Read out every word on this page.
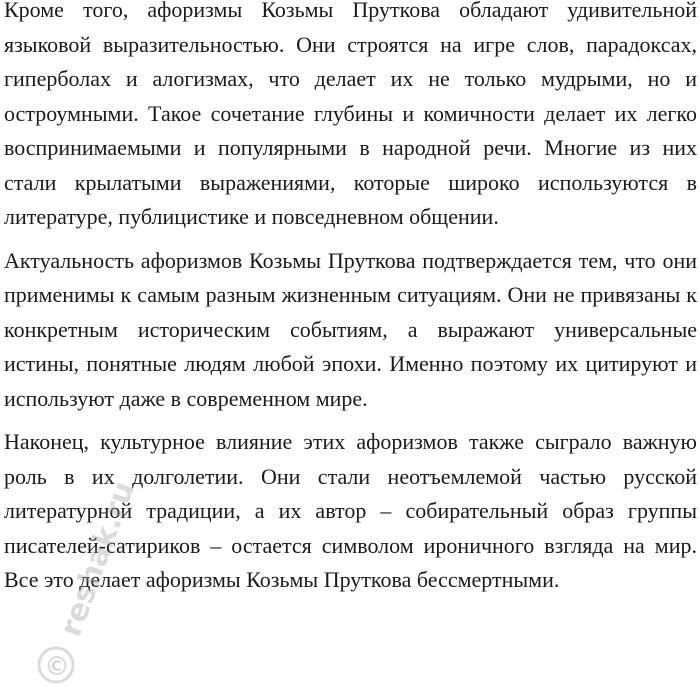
Кроме того, афоризмы Козьмы Пруткова обладают удивительной языковой выразительностью. Они строятся на игре слов, парадоксах, гиперболах и алогизмах, что делает их не только мудрыми, но и остроумными. Такое сочетание глубины и комичности делает их легко воспринимаемыми и популярными в народной речи. Многие из них стали крылатыми выражениями, которые широко используются в литературе, публицистике и повседневном общении.

Актуальность афоризмов Козьмы Пруткова подтверждается тем, что они применимы к самым разным жизненным ситуациям. Они не привязаны к конкретным историческим событиям, а выражают универсальные истины, понятные людям любой эпохи. Именно поэтому их цитируют и используют даже в современном мире.

Наконец, культурное влияние этих афоризмов также сыграло важную роль в их долголетии. Они стали неотъемлемой частью русской литературной традиции, а их автор – собирательный образ группы писателей-сатириков – остается символом ироничного взгляда на мир. Все это делает афоризмы Козьмы Пруткова бессмертными.

reshak.ru
©
